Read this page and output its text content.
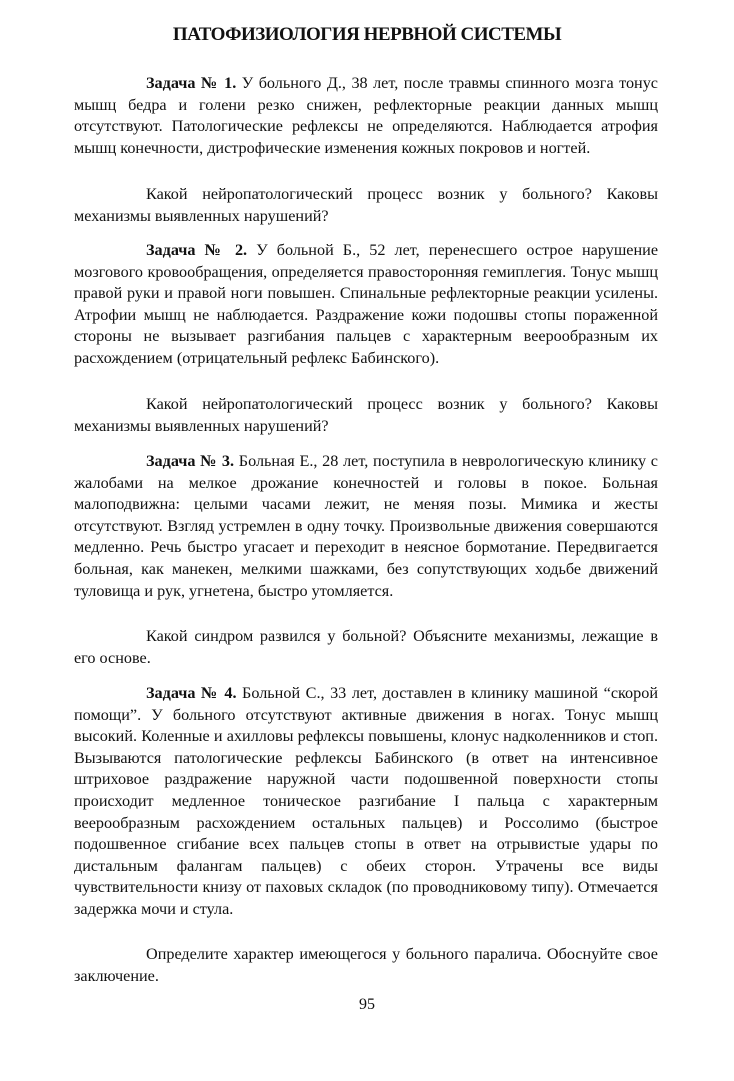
ПАТОФИЗИОЛОГИЯ НЕРВНОЙ СИСТЕМЫ
Задача № 1. У больного Д., 38 лет, после травмы спинного мозга тонус мышц бедра и голени резко снижен, рефлекторные реакции данных мышц отсутствуют. Патологические рефлексы не определяются. Наблюдается атрофия мышц конечности, дистрофические изменения кожных покровов и ногтей.
Какой нейропатологический процесс возник у больного? Каковы механизмы выявленных нарушений?
Задача № 2. У больной Б., 52 лет, перенесшего острое нарушение мозгового кровообращения, определяется правосторонняя гемиплегия. Тонус мышц правой руки и правой ноги повышен. Спинальные рефлекторные реакции усилены. Атрофии мышц не наблюдается. Раздражение кожи подошвы стопы пораженной стороны не вызывает разгибания пальцев с характерным веерообразным их расхождением (отрицательный рефлекс Бабинского).
Какой нейропатологический процесс возник у больного? Каковы механизмы выявленных нарушений?
Задача № 3. Больная Е., 28 лет, поступила в неврологическую клинику с жалобами на мелкое дрожание конечностей и головы в покое. Больная малоподвижна: целыми часами лежит, не меняя позы. Мимика и жесты отсутствуют. Взгляд устремлен в одну точку. Произвольные движения совершаются медленно. Речь быстро угасает и переходит в неясное бормотание. Передвигается больная, как манекен, мелкими шажками, без сопутствующих ходьбе движений туловища и рук, угнетена, быстро утомляется.
Какой синдром развился у больной? Объясните механизмы, лежащие в его основе.
Задача № 4. Больной С., 33 лет, доставлен в клинику машиной “скорой помощи”. У больного отсутствуют активные движения в ногах. Тонус мышц высокий. Коленные и ахилловы рефлексы повышены, клонус надколенников и стоп. Вызываются патологические рефлексы Бабинского (в ответ на интенсивное штриховое раздражение наружной части подошвенной поверхности стопы происходит медленное тоническое разгибание I пальца с характерным веерообразным расхождением остальных пальцев) и Россолимо (быстрое подошвенное сгибание всех пальцев стопы в ответ на отрывистые удары по дистальным фалангам пальцев) с обеих сторон. Утрачены все виды чувствительности книзу от паховых складок (по проводниковому типу). Отмечается задержка мочи и стула.
Определите характер имеющегося у больного паралича. Обоснуйте свое заключение.
95
